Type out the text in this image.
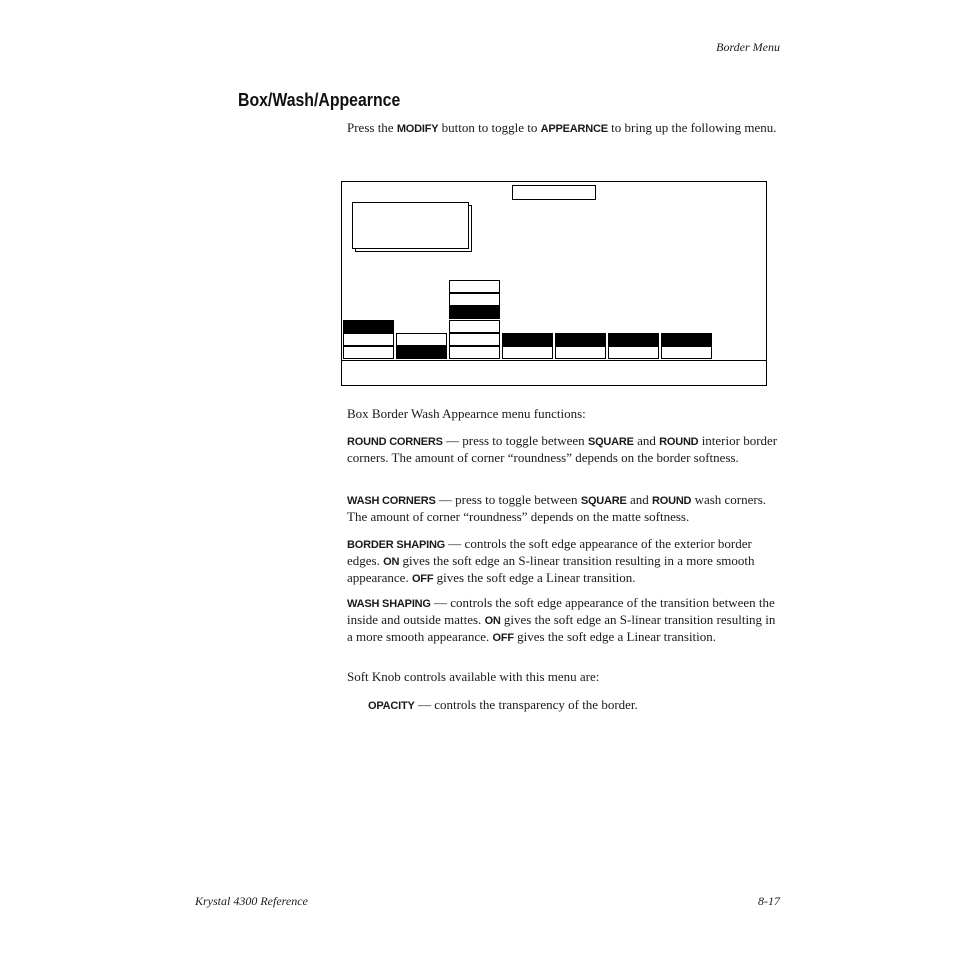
Border Menu
Box/Wash/Appearnce
Press the MODIFY button to toggle to APPEARNCE to bring up the following menu.
Box Border Wash Appearnce menu functions:
ROUND CORNERS — press to toggle between SQUARE and ROUND interior border corners. The amount of corner “roundness” depends on the border softness.
WASH CORNERS — press to toggle between SQUARE and ROUND wash corners. The amount of corner “roundness” depends on the matte softness.
BORDER SHAPING — controls the soft edge appearance of the exterior border edges. ON gives the soft edge an S-linear transition resulting in a more smooth appearance. OFF gives the soft edge a Linear transition.
WASH SHAPING — controls the soft edge appearance of the transition between the inside and outside mattes. ON gives the soft edge an S-linear transition resulting in a more smooth appearance. OFF gives the soft edge a Linear transition.
Soft Knob controls available with this menu are:
OPACITY — controls the transparency of the border.
Krystal 4300 Reference	8-17
